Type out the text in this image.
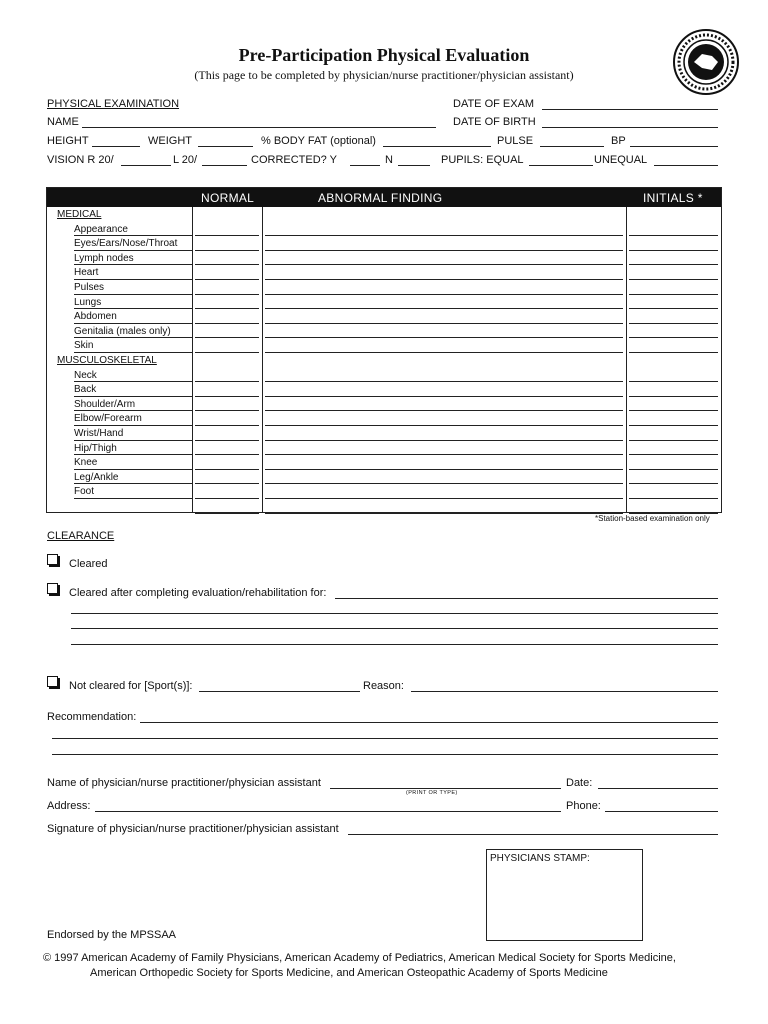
Pre-Participation Physical Evaluation
(This page to be completed by physician/nurse practitioner/physician assistant)
PHYSICAL EXAMINATION	DATE OF EXAM
NAME	DATE OF BIRTH
HEIGHT	WEIGHT	% BODY FAT (optional)	PULSE	BP
VISION R 20/	L 20/	CORRECTED? Y	N	PUPILS: EQUAL	UNEQUAL
NORMAL	ABNORMAL FINDING	INITIALS *
MEDICAL
Appearance
Eyes/Ears/Nose/Throat
Lymph nodes
Heart
Pulses
Lungs
Abdomen
Genitalia (males only)
Skin
MUSCULOSKELETAL
Neck
Back
Shoulder/Arm
Elbow/Forearm
Wrist/Hand
Hip/Thigh
Knee
Leg/Ankle
Foot
*Station-based examination only
CLEARANCE
Cleared
Cleared after completing evaluation/rehabilitation for:
Not cleared for [Sport(s)]:	Reason:
Recommendation:
Name of physician/nurse practitioner/physician assistant
(PRINT OR TYPE)
Date:
Address:	Phone:
Signature of physician/nurse practitioner/physician assistant
PHYSICIANS STAMP:
Endorsed by the MPSSAA
© 1997 American Academy of Family Physicians, American Academy of Pediatrics, American Medical Society for Sports Medicine,
American Orthopedic Society for Sports Medicine, and American Osteopathic Academy of Sports Medicine
